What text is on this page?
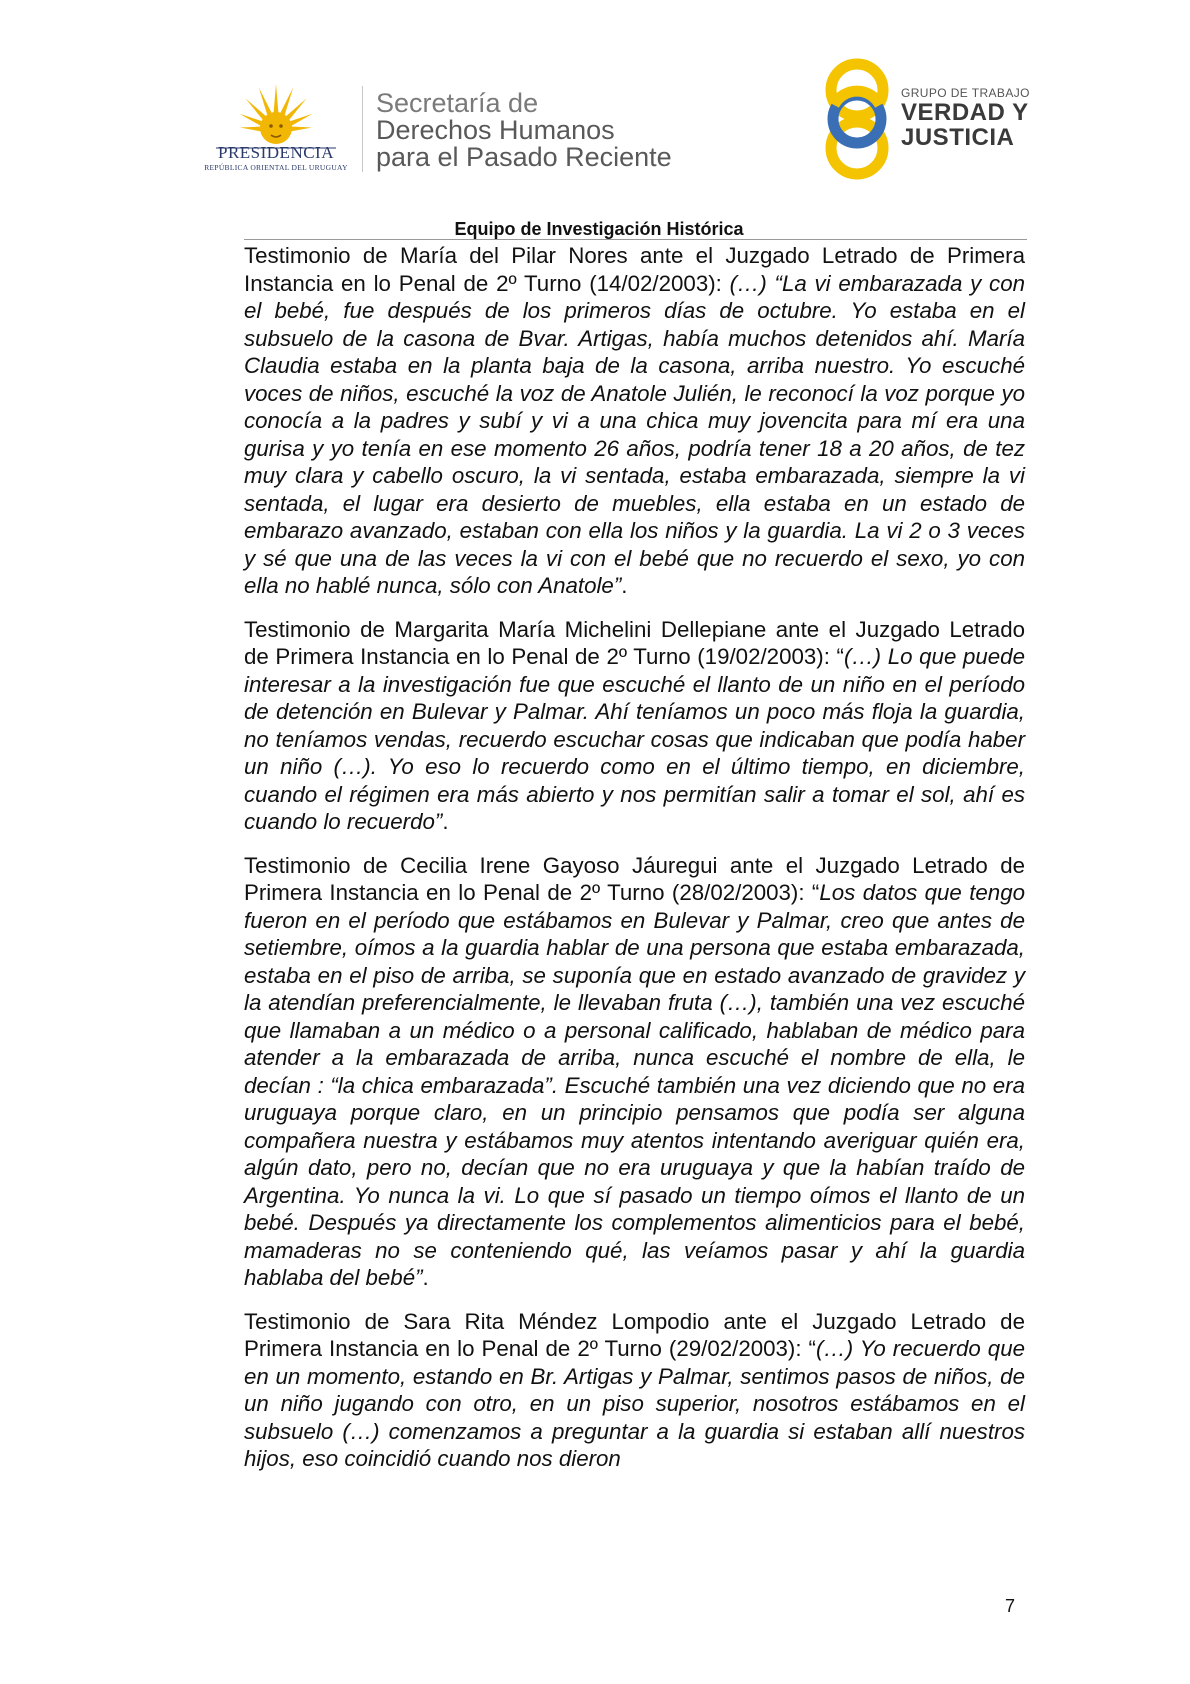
PRESIDENCIA
REPÚBLICA ORIENTAL DEL URUGUAY
Secretaría de
Derechos Humanos
para el Pasado Reciente
GRUPO DE TRABAJO
VERDAD Y
JUSTICIA
Equipo de Investigación Histórica

Testimonio de María del Pilar Nores ante el Juzgado Letrado de Primera Instancia en lo Penal de 2º Turno (14/02/2003): (…) “La vi embarazada y con el bebé, fue después de los primeros días de octubre. Yo estaba en el subsuelo de la casona de Bvar. Artigas, había muchos detenidos ahí. María Claudia estaba en la planta baja de la casona, arriba nuestro. Yo escuché voces de niños, escuché la voz de Anatole Julién, le reconocí la voz porque yo conocía a la padres y subí y vi a una chica muy jovencita para mí era una gurisa y yo tenía en ese momento 26 años, podría tener 18 a 20 años, de tez muy clara y cabello oscuro, la vi sentada, estaba embarazada, siempre la vi sentada, el lugar era desierto de muebles, ella estaba en un estado de embarazo avanzado, estaban con ella los niños y la guardia. La vi 2 o 3 veces y sé que una de las veces la vi con el bebé que no recuerdo el sexo, yo con ella no hablé nunca, sólo con Anatole”.

Testimonio de Margarita María Michelini Dellepiane ante el Juzgado Letrado de Primera Instancia en lo Penal de 2º Turno (19/02/2003): “(…) Lo que puede interesar a la investigación fue que escuché el llanto de un niño en el período de detención en Bulevar y Palmar. Ahí teníamos un poco más floja la guardia, no teníamos vendas, recuerdo escuchar cosas que indicaban que podía haber un niño (…). Yo eso lo recuerdo como en el último tiempo, en diciembre, cuando el régimen era más abierto y nos permitían salir a tomar el sol, ahí es cuando lo recuerdo”.

Testimonio de Cecilia Irene Gayoso Jáuregui ante el Juzgado Letrado de Primera Instancia en lo Penal de 2º Turno (28/02/2003): “Los datos que tengo fueron en el período que estábamos en Bulevar y Palmar, creo que antes de setiembre, oímos a la guardia hablar de una persona que estaba embarazada, estaba en el piso de arriba, se suponía que en estado avanzado de gravidez y la atendían preferencialmente, le llevaban fruta (…), también una vez escuché que llamaban a un médico o a personal calificado, hablaban de médico para atender a la embarazada de arriba, nunca escuché el nombre de ella, le decían : “la chica embarazada”. Escuché también una vez diciendo que no era uruguaya porque claro, en un principio pensamos que podía ser alguna compañera nuestra y estábamos muy atentos intentando averiguar quién era, algún dato, pero no, decían que no era uruguaya y que la habían traído de Argentina. Yo nunca la vi. Lo que sí pasado un tiempo oímos el llanto de un bebé. Después ya directamente los complementos alimenticios para el bebé, mamaderas no se conteniendo qué, las veíamos pasar y ahí la guardia hablaba del bebé”.

Testimonio de Sara Rita Méndez Lompodio ante el Juzgado Letrado de Primera Instancia en lo Penal de 2º Turno (29/02/2003): “(…) Yo recuerdo que en un momento, estando en Br. Artigas y Palmar, sentimos pasos de niños, de un niño jugando con otro, en un piso superior, nosotros estábamos en el subsuelo (…) comenzamos a preguntar a la guardia si estaban allí nuestros hijos, eso coincidió cuando nos dieron

7
